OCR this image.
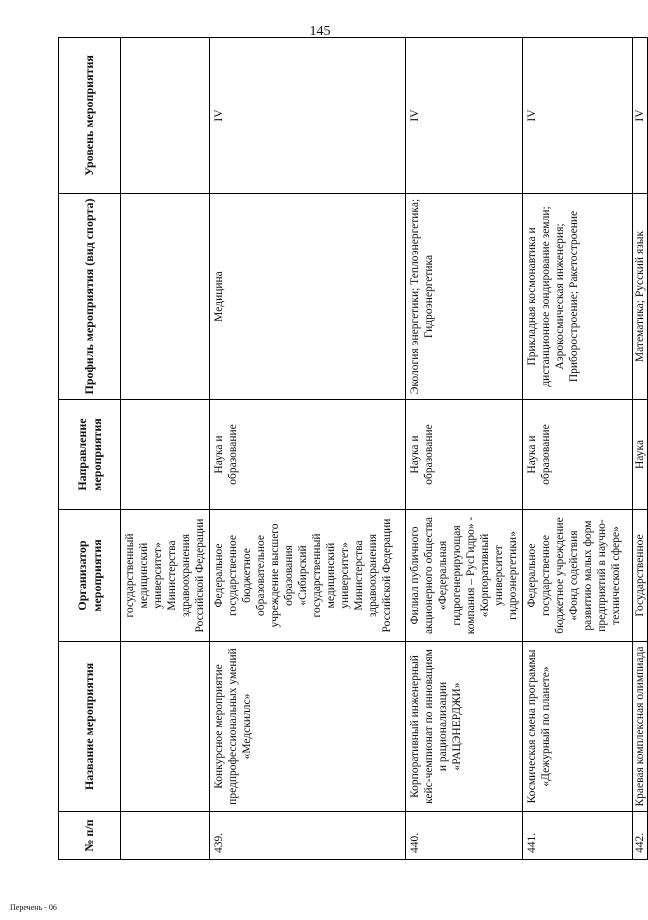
145
№ п/п	Название мероприятия	Организатор мероприятия	Направление мероприятия	Профиль мероприятия (вид спорта)	Уровень мероприятия
		государственный медицинский университет» Министерства здравоохранения Российской Федерации			
439.	Конкурсное мероприятие предпрофессиональных умений «Медскиллс»	Федеральное государственное бюджетное образовательное учреждение высшего образования «Сибирский государственный медицинский университет» Министерства здравоохранения Российской Федерации	Наука и образование	Медицина	IV
440.	Корпоративный инженерный кейс-чемпионат по инновациям и рационализации «РАЦЭНЕРДЖИ»	Филиал публичного акционерного общества «Федеральная гидрогенерирующая компания – РусГидро» - «Корпоративный университет гидроэнергетики»	Наука и образование	Экология энергетики; Теплоэнергетика; Гидроэнергетика	IV
441.	Космическая смена программы «Дежурный по планете»	Федеральное государственное бюджетное учреждение «Фонд содействия развитию малых форм предприятий в научно-технической сфере»	Наука и образование	Прикладная космонавтика и дистанционное зондирование земли; Аэрокосмическая инженерия; Приборостроение; Ракетостроение	IV
442.	Краевая комплексная олимпиада	Государственное	Наука	Математика; Русский язык	IV
Перечень - 06
